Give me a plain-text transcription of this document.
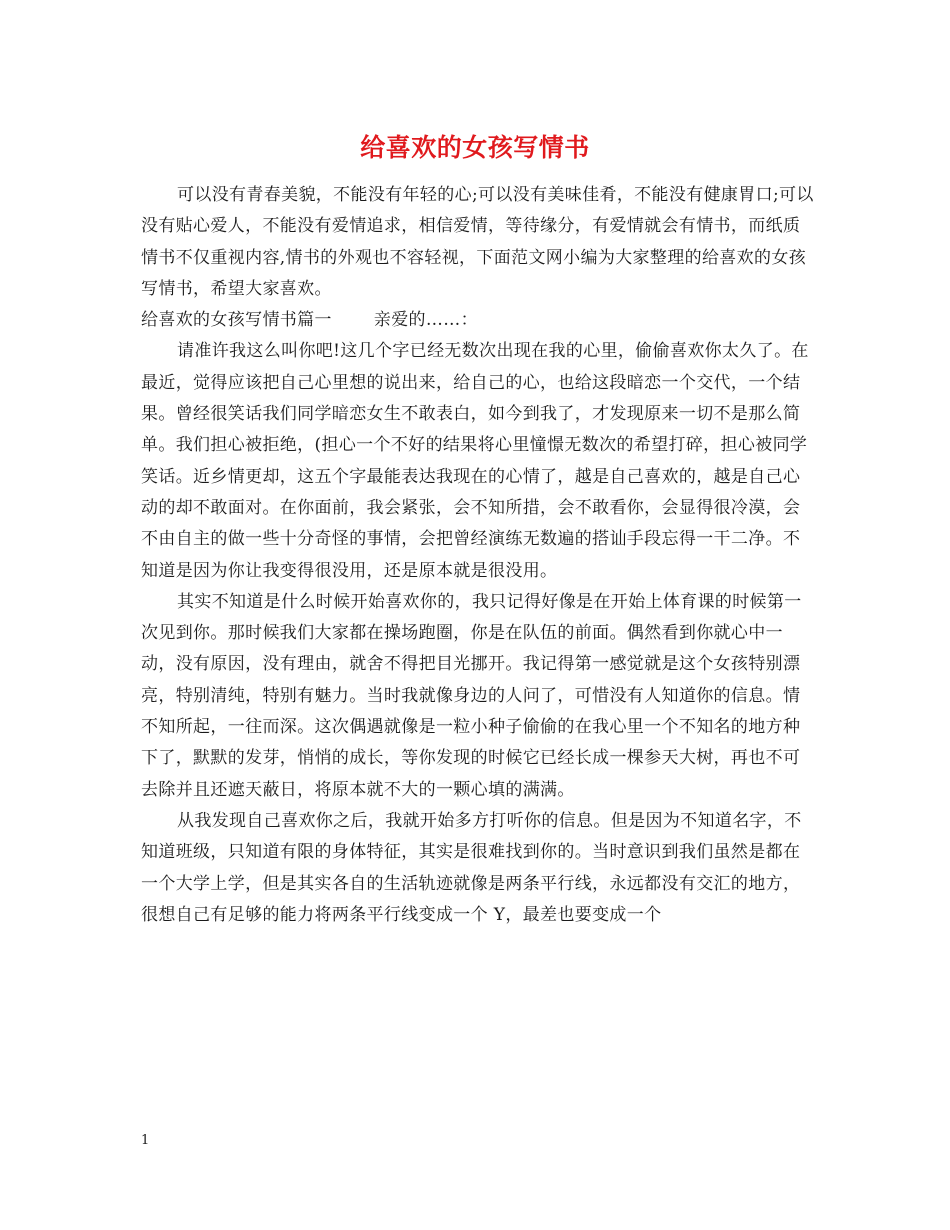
给喜欢的女孩写情书

可以没有青春美貌，不能没有年轻的心;可以没有美味佳肴，不能没有健康胃口;可以没有贴心爱人，不能没有爱情追求，相信爱情，等待缘分，有爱情就会有情书，而纸质情书不仅重视内容,情书的外观也不容轻视，下面范文网小编为大家整理的给喜欢的女孩写情书，希望大家喜欢。

给喜欢的女孩写情书篇一 亲爱的……：

请准许我这么叫你吧!这几个字已经无数次出现在我的心里，偷偷喜欢你太久了。在最近，觉得应该把自己心里想的说出来，给自己的心，也给这段暗恋一个交代，一个结果。曾经很笑话我们同学暗恋女生不敢表白，如今到我了，才发现原来一切不是那么简单。我们担心被拒绝，(担心一个不好的结果将心里憧憬无数次的希望打碎，担心被同学笑话。近乡情更却，这五个字最能表达我现在的心情了，越是自己喜欢的，越是自己心动的却不敢面对。在你面前，我会紧张，会不知所措，会不敢看你，会显得很冷漠，会不由自主的做一些十分奇怪的事情，会把曾经演练无数遍的搭讪手段忘得一干二净。不知道是因为你让我变得很没用，还是原本就是很没用。

其实不知道是什么时候开始喜欢你的，我只记得好像是在开始上体育课的时候第一次见到你。那时候我们大家都在操场跑圈，你是在队伍的前面。偶然看到你就心中一动，没有原因，没有理由，就舍不得把目光挪开。我记得第一感觉就是这个女孩特别漂亮，特别清纯，特别有魅力。当时我就像身边的人问了，可惜没有人知道你的信息。情不知所起，一往而深。这次偶遇就像是一粒小种子偷偷的在我心里一个不知名的地方种下了，默默的发芽，悄悄的成长，等你发现的时候它已经长成一棵参天大树，再也不可去除并且还遮天蔽日，将原本就不大的一颗心填的满满。

从我发现自己喜欢你之后，我就开始多方打听你的信息。但是因为不知道名字，不知道班级，只知道有限的身体特征，其实是很难找到你的。当时意识到我们虽然是都在一个大学上学，但是其实各自的生活轨迹就像是两条平行线，永远都没有交汇的地方，很想自己有足够的能力将两条平行线变成一个 Y，最差也要变成一个

1
